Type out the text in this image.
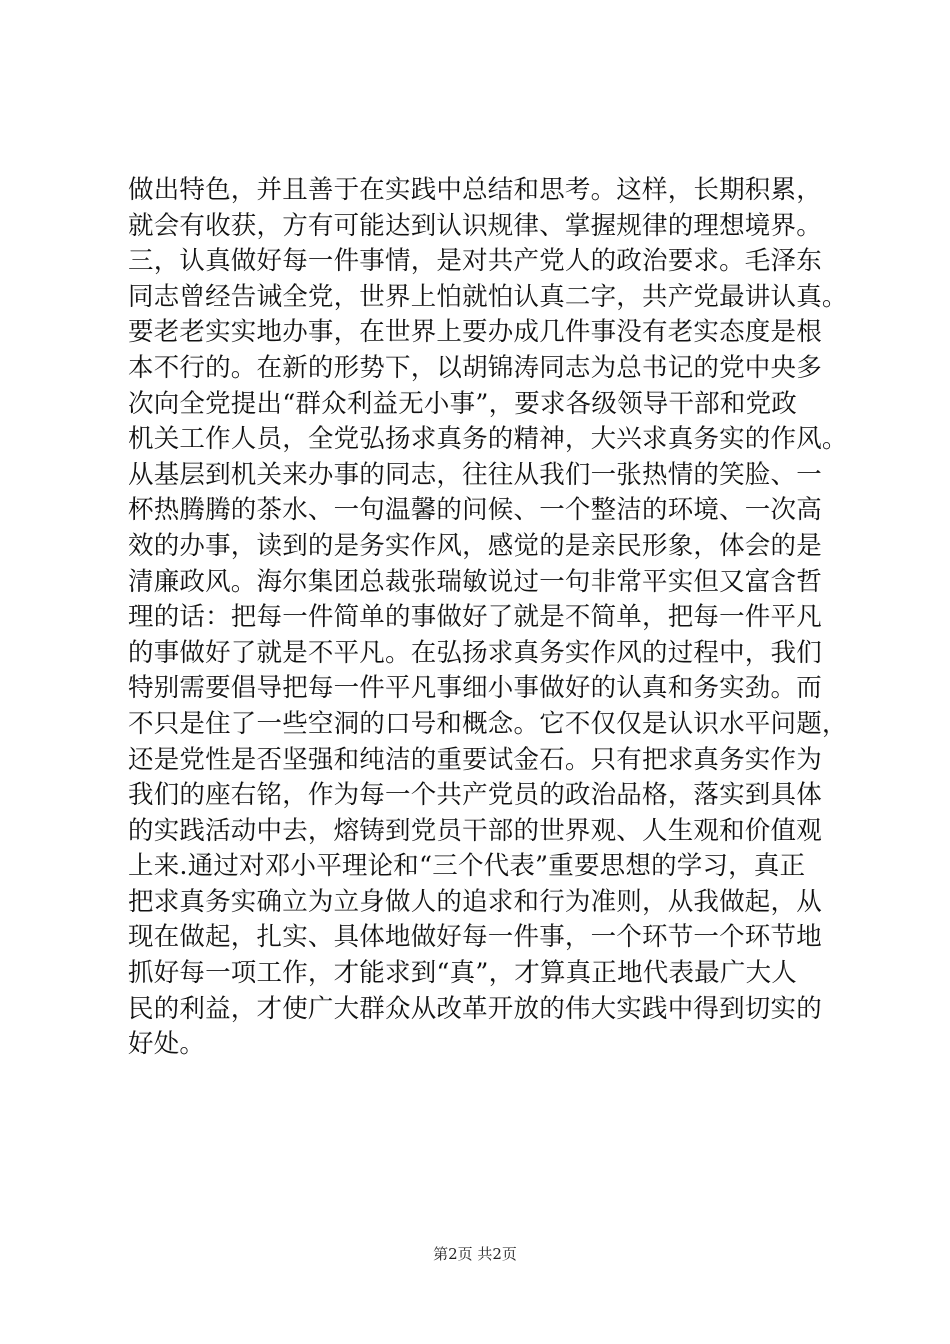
做出特色，并且善于在实践中总结和思考。这样，长期积累，
就会有收获，方有可能达到认识规律、掌握规律的理想境界。
三，认真做好每一件事情，是对共产党人的政治要求。毛泽东
同志曾经告诫全党，世界上怕就怕认真二字，共产党最讲认真。
要老老实实地办事，在世界上要办成几件事没有老实态度是根
本不行的。在新的形势下，以胡锦涛同志为总书记的党中央多
次向全党提出“群众利益无小事”，要求各级领导干部和党政
机关工作人员，全党弘扬求真务的精神，大兴求真务实的作风。
从基层到机关来办事的同志，往往从我们一张热情的笑脸、一
杯热腾腾的茶水、一句温馨的问候、一个整洁的环境、一次高
效的办事，读到的是务实作风，感觉的是亲民形象，体会的是
清廉政风。海尔集团总裁张瑞敏说过一句非常平实但又富含哲
理的话：把每一件简单的事做好了就是不简单，把每一件平凡
的事做好了就是不平凡。在弘扬求真务实作风的过程中，我们
特别需要倡导把每一件平凡事细小事做好的认真和务实劲。而
不只是住了一些空洞的口号和概念。它不仅仅是认识水平问题，
还是党性是否坚强和纯洁的重要试金石。只有把求真务实作为
我们的座右铭，作为每一个共产党员的政治品格，落实到具体
的实践活动中去，熔铸到党员干部的世界观、人生观和价值观
上来.通过对邓小平理论和“三个代表”重要思想的学习，真正
把求真务实确立为立身做人的追求和行为准则，从我做起，从
现在做起，扎实、具体地做好每一件事，一个环节一个环节地
抓好每一项工作，才能求到“真”，才算真正地代表最广大人
民的利益，才使广大群众从改革开放的伟大实践中得到切实的
好处。
第2页 共2页
